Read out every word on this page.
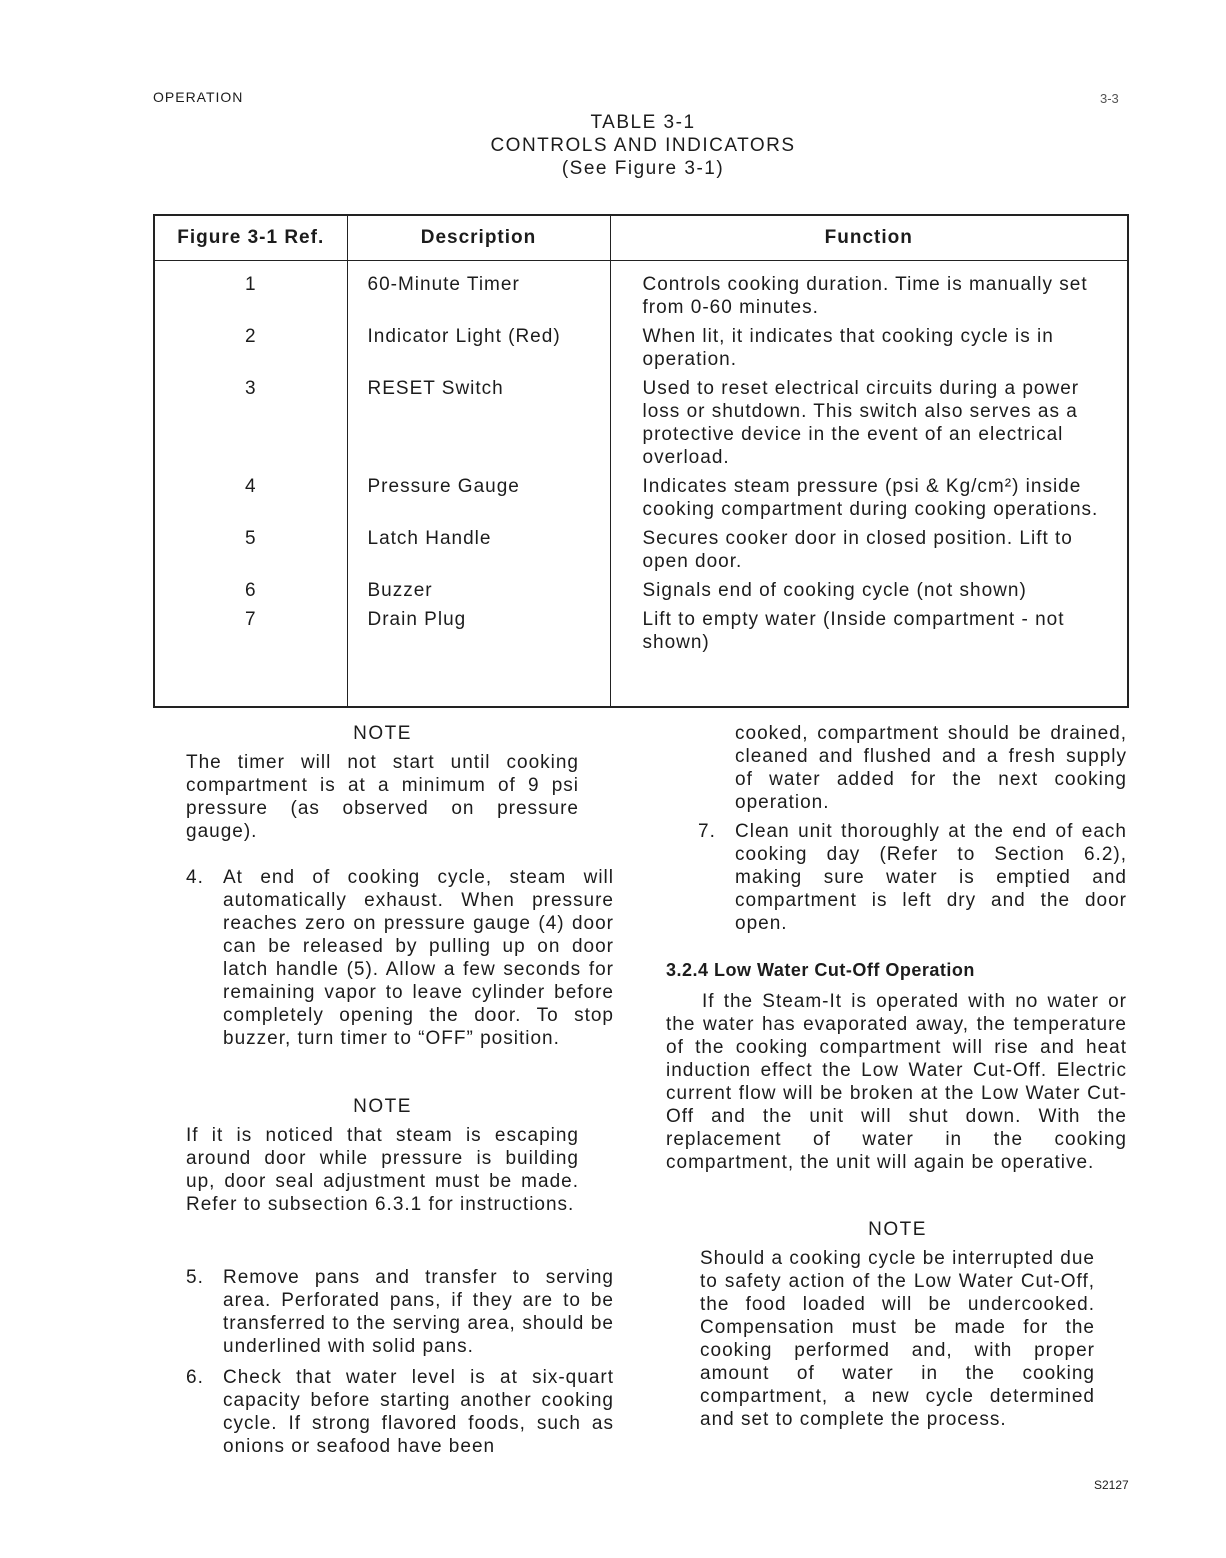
OPERATION	3-3
TABLE 3-1
CONTROLS AND INDICATORS
(See Figure 3-1)
Figure 3-1 Ref.	Description	Function
1	60-Minute Timer	Controls cooking duration. Time is manually set from 0-60 minutes.
2	Indicator Light (Red)	When lit, it indicates that cooking cycle is in operation.
3	RESET Switch	Used to reset electrical circuits during a power loss or shutdown. This switch also serves as a protective device in the event of an electrical overload.
4	Pressure Gauge	Indicates steam pressure (psi & Kg/cm²) inside cooking compartment during cooking operations.
5	Latch Handle	Secures cooker door in closed position. Lift to open door.
6	Buzzer	Signals end of cooking cycle (not shown)
7	Drain Plug	Lift to empty water (Inside compartment - not shown)
NOTE
The timer will not start until cooking compartment is at a minimum of 9 psi pressure (as observed on pressure gauge).
4. At end of cooking cycle, steam will automatically exhaust. When pressure reaches zero on pressure gauge (4) door can be released by pulling up on door latch handle (5). Allow a few seconds for remaining vapor to leave cylinder before completely opening the door. To stop buzzer, turn timer to “OFF” position.
NOTE
If it is noticed that steam is escaping around door while pressure is building up, door seal adjustment must be made. Refer to subsection 6.3.1 for instructions.
5. Remove pans and transfer to serving area. Perforated pans, if they are to be transferred to the serving area, should be underlined with solid pans.
6. Check that water level is at six-quart capacity before starting another cooking cycle. If strong flavored foods, such as onions or seafood have been
cooked, compartment should be drained, cleaned and flushed and a fresh supply of water added for the next cooking operation.
7. Clean unit thoroughly at the end of each cooking day (Refer to Section 6.2), making sure water is emptied and compartment is left dry and the door open.
3.2.4 Low Water Cut-Off Operation
If the Steam-It is operated with no water or the water has evaporated away, the temperature of the cooking compartment will rise and heat induction effect the Low Water Cut-Off. Electric current flow will be broken at the Low Water Cut-Off and the unit will shut down. With the replacement of water in the cooking compartment, the unit will again be operative.
NOTE
Should a cooking cycle be interrupted due to safety action of the Low Water Cut-Off, the food loaded will be undercooked. Compensation must be made for the cooking performed and, with proper amount of water in the cooking compartment, a new cycle determined and set to complete the process.
S2127
